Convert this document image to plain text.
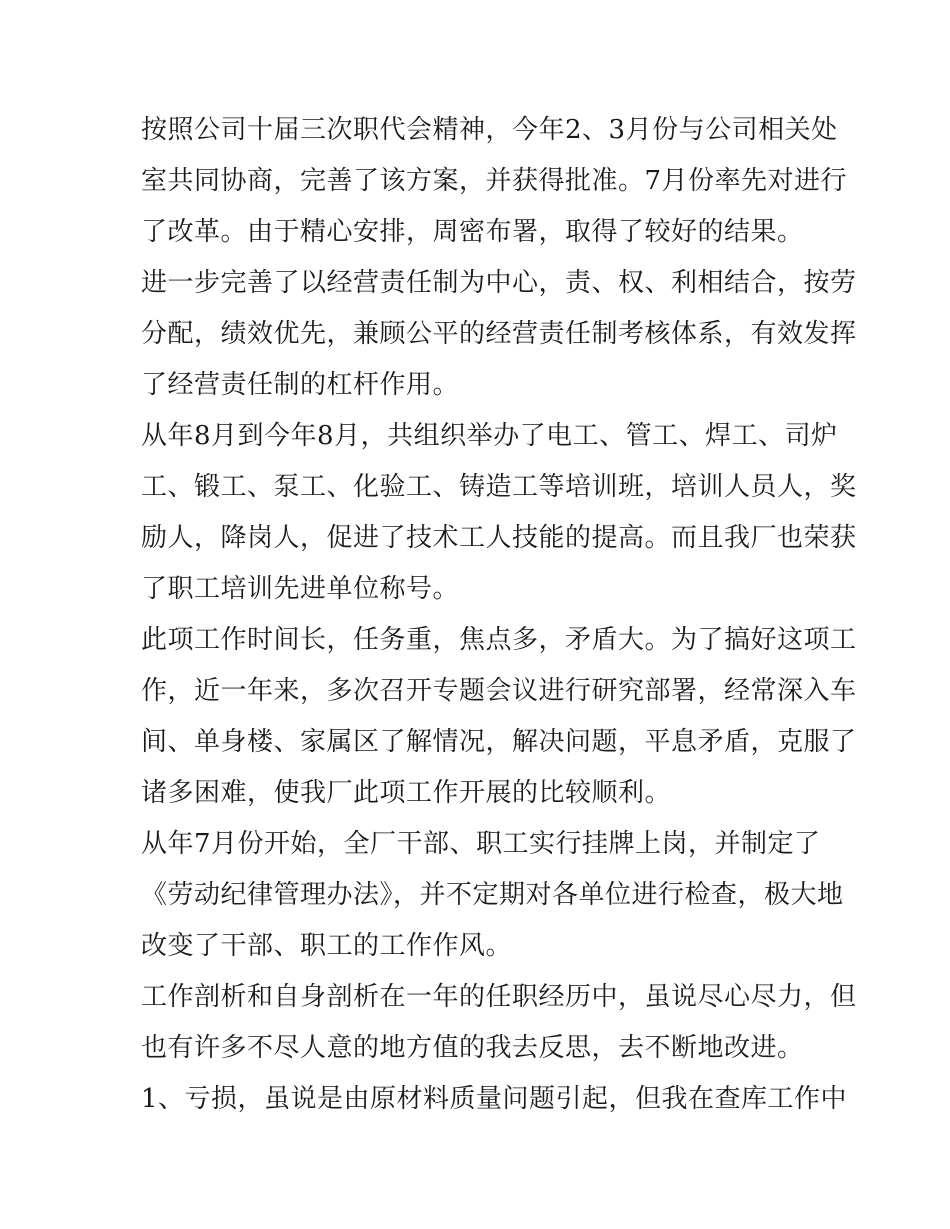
按照公司十届三次职代会精神，今年2、3月份与公司相关处
室共同协商，完善了该方案，并获得批准。7月份率先对进行
了改革。由于精心安排，周密布署，取得了较好的结果。
进一步完善了以经营责任制为中心，责、权、利相结合，按劳
分配，绩效优先，兼顾公平的经营责任制考核体系，有效发挥
了经营责任制的杠杆作用。
从年8月到今年8月，共组织举办了电工、管工、焊工、司炉
工、锻工、泵工、化验工、铸造工等培训班，培训人员人，奖
励人，降岗人，促进了技术工人技能的提高。而且我厂也荣获
了职工培训先进单位称号。
此项工作时间长，任务重，焦点多，矛盾大。为了搞好这项工
作，近一年来，多次召开专题会议进行研究部署，经常深入车
间、单身楼、家属区了解情况，解决问题，平息矛盾，克服了
诸多困难，使我厂此项工作开展的比较顺利。
从年7月份开始，全厂干部、职工实行挂牌上岗，并制定了
《劳动纪律管理办法》，并不定期对各单位进行检查，极大地
改变了干部、职工的工作作风。
工作剖析和自身剖析在一年的任职经历中，虽说尽心尽力，但
也有许多不尽人意的地方值的我去反思，去不断地改进。
1、亏损，虽说是由原材料质量问题引起，但我在查库工作中
